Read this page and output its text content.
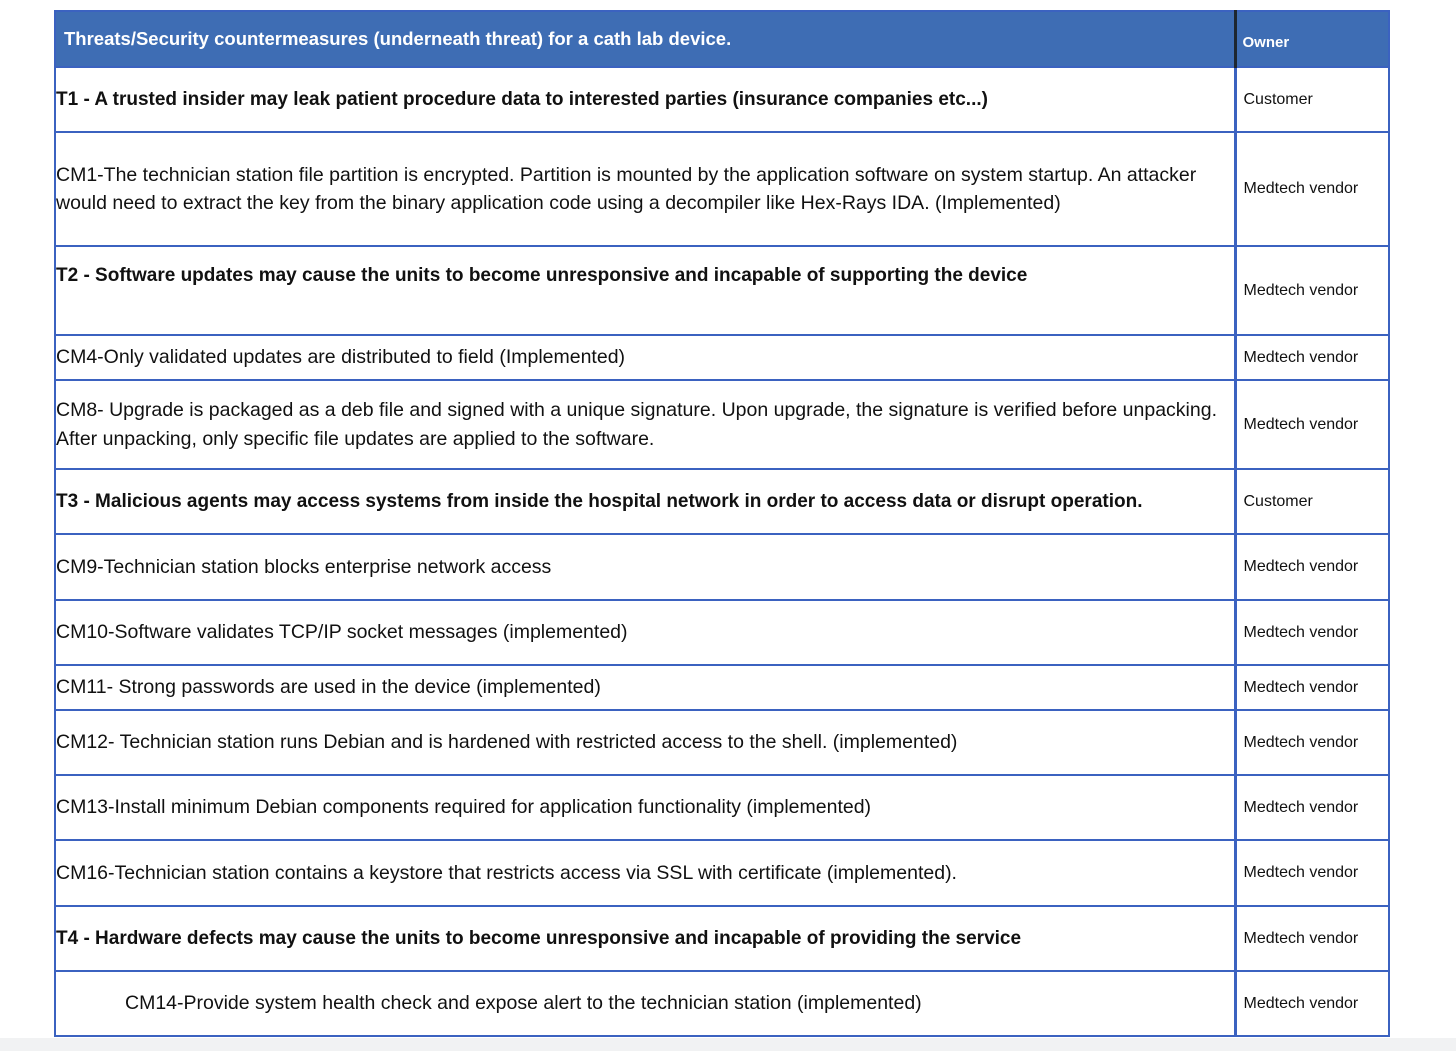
Threats/Security countermeasures (underneath threat) for a cath lab device.	Owner
T1 - A trusted insider may leak patient procedure data to interested parties (insurance companies etc...)	Customer
CM1-The technician station file partition is encrypted. Partition is mounted by the application software on system startup. An attacker would need to extract the key from the binary application code using a decompiler like Hex-Rays IDA. (Implemented)	Medtech vendor
T2 - Software updates may cause the units to become unresponsive and incapable of supporting the device	Medtech vendor
CM4-Only validated updates are distributed to field (Implemented)	Medtech vendor
CM8- Upgrade is packaged as a deb file and signed with a unique signature. Upon upgrade, the signature is verified before unpacking. After unpacking, only specific file updates are applied to the software.	Medtech vendor
T3 - Malicious agents may access systems from inside the hospital network in order to access data or disrupt operation.	Customer
CM9-Technician station blocks enterprise network access	Medtech vendor
CM10-Software validates TCP/IP socket messages (implemented)	Medtech vendor
CM11- Strong passwords are used in the device (implemented)	Medtech vendor
CM12- Technician station runs Debian and is hardened with restricted access to the shell. (implemented)	Medtech vendor
CM13-Install minimum Debian components required for application functionality (implemented)	Medtech vendor
CM16-Technician station contains a keystore that restricts access via SSL with certificate (implemented).	Medtech vendor
T4 - Hardware defects may cause the units to become unresponsive and incapable of providing the service	Medtech vendor
CM14-Provide system health check and expose alert to the technician station (implemented)	Medtech vendor
